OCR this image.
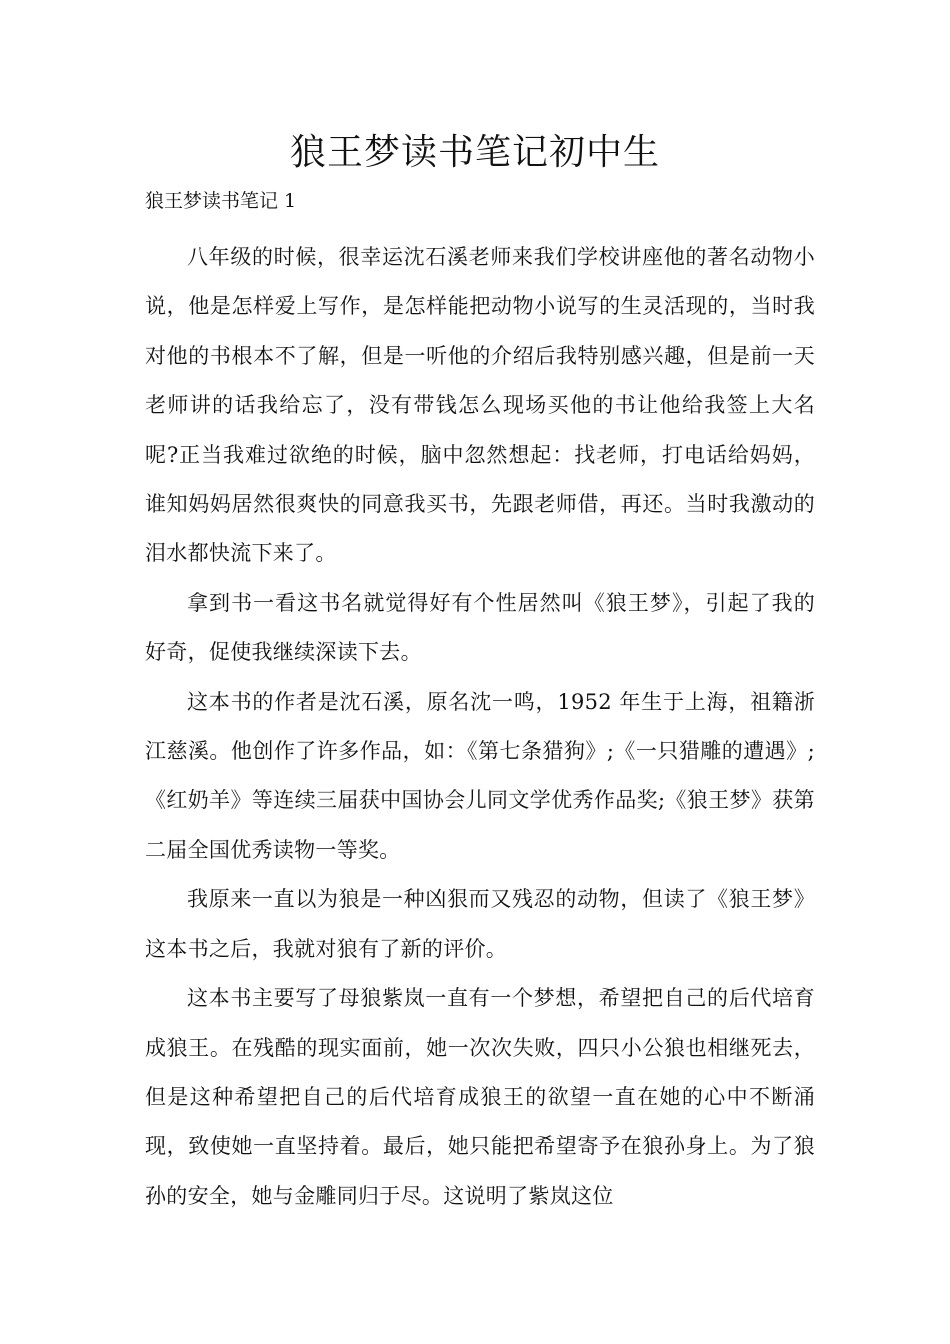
狼王梦读书笔记初中生

狼王梦读书笔记 1

八年级的时候，很幸运沈石溪老师来我们学校讲座他的著名动物小说，他是怎样爱上写作，是怎样能把动物小说写的生灵活现的，当时我对他的书根本不了解，但是一听他的介绍后我特别感兴趣，但是前一天老师讲的话我给忘了，没有带钱怎么现场买他的书让他给我签上大名呢?正当我难过欲绝的时候，脑中忽然想起：找老师，打电话给妈妈，谁知妈妈居然很爽快的同意我买书，先跟老师借，再还。当时我激动的泪水都快流下来了。

拿到书一看这书名就觉得好有个性居然叫《狼王梦》，引起了我的好奇，促使我继续深读下去。

这本书的作者是沈石溪，原名沈一鸣，1952 年生于上海，祖籍浙江慈溪。他创作了许多作品，如：《第七条猎狗》;《一只猎雕的遭遇》;《红奶羊》等连续三届获中国协会儿同文学优秀作品奖;《狼王梦》获第二届全国优秀读物一等奖。

我原来一直以为狼是一种凶狠而又残忍的动物，但读了《狼王梦》这本书之后，我就对狼有了新的评价。

这本书主要写了母狼紫岚一直有一个梦想，希望把自己的后代培育成狼王。在残酷的现实面前，她一次次失败，四只小公狼也相继死去，但是这种希望把自己的后代培育成狼王的欲望一直在她的心中不断涌现，致使她一直坚持着。最后，她只能把希望寄予在狼孙身上。为了狼孙的安全，她与金雕同归于尽。这说明了紫岚这位
